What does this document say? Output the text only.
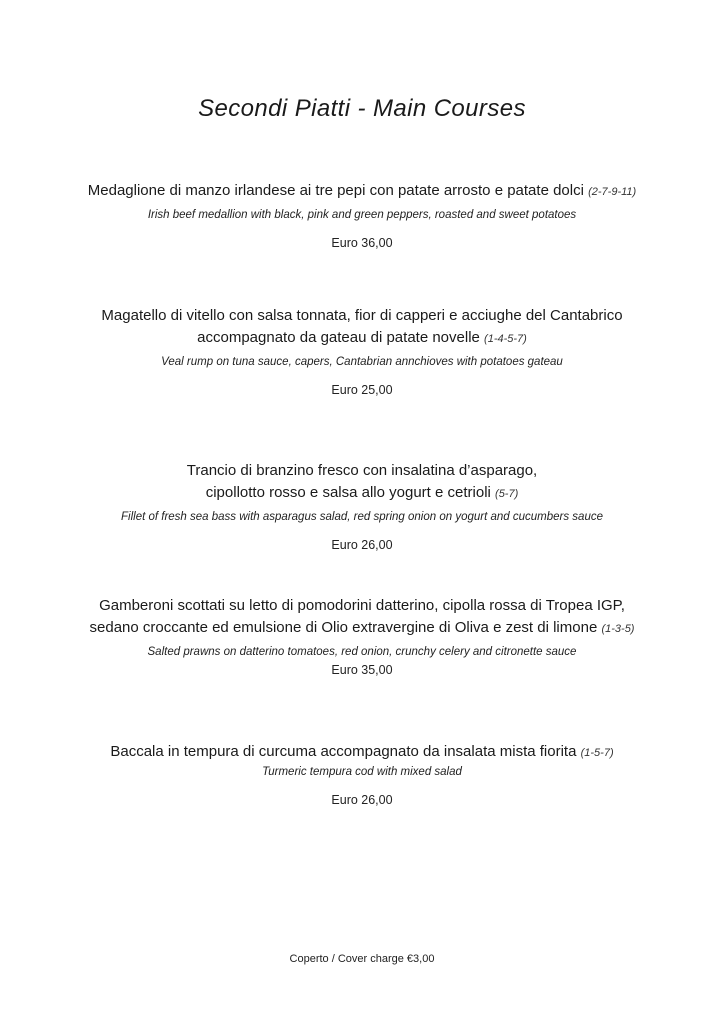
Secondi Piatti - Main Courses
Medaglione di manzo irlandese ai tre pepi con patate arrosto e patate dolci (2-7-9-11)
Irish beef medallion with black, pink and green peppers, roasted and sweet potatoes
Euro 36,00
Magatello di vitello con salsa tonnata, fior di capperi e acciughe del Cantabrico
accompagnato da gateau di patate novelle (1-4-5-7)
Veal rump on tuna sauce, capers, Cantabrian annchioves with potatoes gateau
Euro 25,00
Trancio di branzino fresco con insalatina d’asparago,
cipollotto rosso e salsa allo yogurt e cetrioli (5-7)
Fillet of fresh sea bass with asparagus salad, red spring onion on yogurt and cucumbers sauce
Euro 26,00
Gamberoni scottati su letto di pomodorini datterino, cipolla rossa di Tropea IGP,
sedano croccante ed emulsione di Olio extravergine di Oliva e zest di limone (1-3-5)
Salted prawns on datterino tomatoes, red onion, crunchy celery and citronette sauce
Euro 35,00
Baccala in tempura di curcuma accompagnato da insalata mista fiorita (1-5-7)
Turmeric tempura cod with mixed salad
Euro 26,00
Coperto / Cover charge €3,00
